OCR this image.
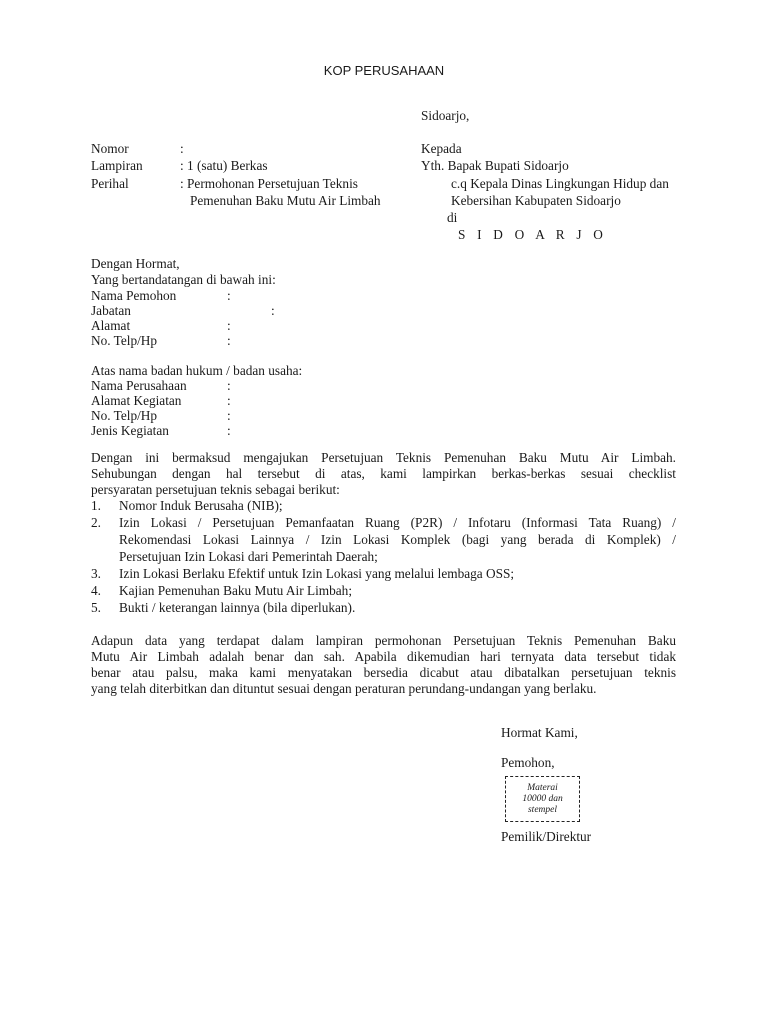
KOP PERUSAHAAN
Sidoarjo,
Nomor	:
Lampiran	: 1 (satu) Berkas
Perihal	: Permohonan Persetujuan Teknis
Pemenuhan Baku Mutu Air Limbah
Kepada
Yth. Bapak Bupati Sidoarjo
c.q Kepala Dinas Lingkungan Hidup dan
Kebersihan Kabupaten Sidoarjo
di
S I D O A R J O
Dengan Hormat,
Yang bertandatangan di bawah ini:
Nama Pemohon	:
Jabatan	:
Alamat	:
No. Telp/Hp	:
Atas nama badan hukum / badan usaha:
Nama Perusahaan	:
Alamat Kegiatan	:
No. Telp/Hp	:
Jenis Kegiatan	:
Dengan ini bermaksud mengajukan Persetujuan Teknis Pemenuhan Baku Mutu Air Limbah.
Sehubungan dengan hal tersebut di atas, kami lampirkan berkas-berkas sesuai checklist
persyaratan persetujuan teknis sebagai berikut:
1. Nomor Induk Berusaha (NIB);
2. Izin Lokasi / Persetujuan Pemanfaatan Ruang (P2R) / Infotaru (Informasi Tata Ruang) /
Rekomendasi Lokasi Lainnya / Izin Lokasi Komplek (bagi yang berada di Komplek) /
Persetujuan Izin Lokasi dari Pemerintah Daerah;
3. Izin Lokasi Berlaku Efektif untuk Izin Lokasi yang melalui lembaga OSS;
4. Kajian Pemenuhan Baku Mutu Air Limbah;
5. Bukti / keterangan lainnya (bila diperlukan).
Adapun data yang terdapat dalam lampiran permohonan Persetujuan Teknis Pemenuhan Baku
Mutu Air Limbah adalah benar dan sah. Apabila dikemudian hari ternyata data tersebut tidak
benar atau palsu, maka kami menyatakan bersedia dicabut atau dibatalkan persetujuan teknis
yang telah diterbitkan dan dituntut sesuai dengan peraturan perundang-undangan yang berlaku.
Hormat Kami,
Pemohon,
Materai
10000 dan
stempel
Pemilik/Direktur
